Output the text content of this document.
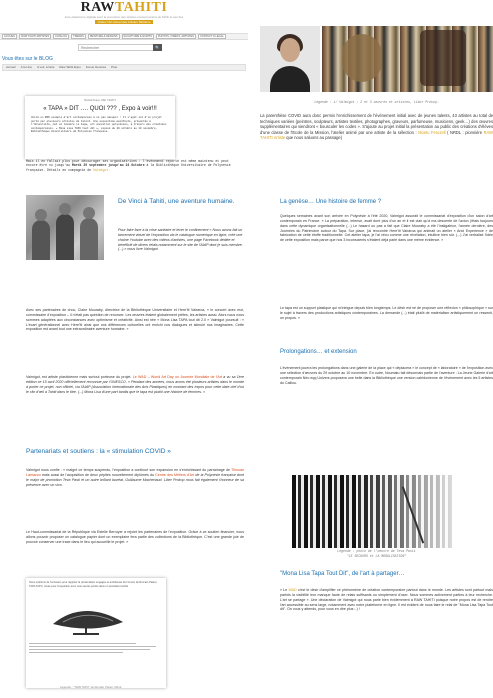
RAWTAHITI
1ère plateforme digitale pour la promotion des artistes contemporains de Tahiti et ses îles
Visitez l'Art Actuel des Artistes Tahitiens
ACCUEIL	RAW TAHITI ARTISTES	CATALOG	TRENDS	PEINTURE & DESSINS	SCULPTURE & ÉCRITS	PHOTOS, VIDÉOS, ARTISTES	CONTACT & LEGAL
Rechercher
🔍
Vous êtes sur le BLOG
Accueil A la Une A voir, à faire Raw Tahiti Expo Focus Oeuvres Plus
Médiathèque RAW TAHITI
« TAPA » DIT …. QUOI ??? , Expo à voir!!!
Voilà un BON exemple d'art contemporain à ne pas manquer ! Il s'agit ici d'un projet porté par plusieurs artistes de talent. Une exposition-manifeste, présentée à l'Université, met en lumière le tapa, art ancestral polynésien, à travers des créations contemporaines. « Mona Lisa TAPA tout dit », exposé du 29 octobre au 10 novembre, Bibliothèque Universitaire de Polynésie française.
Mais il en fallait plus pour décourager ses organisatrices : l'événement reporté est même maintenu et peut encore être vu jusqu'au Mardi 29 septembre jusqu'au 24 Octobre à la Bibliothèque Universitaire de Polynésie française. Détails en compagnie de Valmigot.
De Vinci à Tahiti, une aventure humaine.
Pour faire face à la crise sanitaire et lever le confinement « Nous avons fait un lancement virtuel de l'exposition via le catalogue numérique en ligne, créé une chaîne Youtube avec des vidéos d'artistes, une page Facebook dédiée et bénéficié de divers relais notamment sur le site de l'AIAP dont je suis membre. (...) » nous livre Valmigot.
Avec ses partenaires de choc, Claire Mouraby, directrice de la Bibliothèque Universitaire et Here'iti Vairaroa, « le concert avec moi, commissaire d'exposition – il n'était pas question de renoncer. Les œuvres étaient globalement prêtes, les artistes aussi. Alors nous nous sommes adaptées aux circonstances avec optimisme et créativité. Ainsi est née « Mona Lisa TAPA tout dit 2.0 » Valmigot poursuit : « L'écart générationnel avec Here'iti ainsi que nos différences culturelles ont enrichi nos dialogues et stimulé nos imaginaires. Cette exposition est avant tout une extraordinaire aventure humaine. »
Valmigot, est artiste plasticienne mais surtout porteuse du projet. Le WAD – World Art Day ou Journée Mondiale de l'Art a vu sa 1ère édition ce 15 avril 2020 officiellement reconnue par l'UNESCO. « Pendant des années, nous avons été plusieurs artistes dans le monde à porter ce projet, non officiel, via l'AIAP (Association Internationale des Arts Plastiques) en montant des expos pour cette date-clef d'où le clin d'œil à Tahiti dans le titre. (...) Mona Lisa d'une part tandis que le tapa est plutôt une histoire de femmes. »
Partenariats et soutiens : la « stimulation COVID »
Valmigot nous confie : « malgré ce temps suspendu, l'exposition a continué son expansion en s'enrichissant du parrainage de Tihouan Lamazou mais aussi de l'acquisition de deux pépites nouvellement diplômés du Centre des Métiers d'Art de la Polynésie française dont le major de promotion Teva Pasti et un autre brillant lauréat, Guillaume Machenaud. Liber Prokop nous fait également l'honneur de sa présence avec un vivo.
Le Haut-commissariat de la République via Estelle Berruyer a rejoint les partenaires de l'exposition. Grâce à ce soutien financier, nous allons pouvoir proposer un catalogue papier dont un exemplaire fera partie des collections de la Bibliothèque. C'est une grande joie de pouvoir conserver une trace dans le lieu qui accueille le projet. »
Nous profitons de l'occasion pour rappeler la présentation engagée et ambitieuse de l'œuvre de Romain Pastor, TAPA TAPU, créée pour l'exposition avec nous autres portés dans un précédent article
Légende : "TAPA TAPU" de Romain Pastor, Miroir.
Légende : 1/ Valmigot ; 2 et 3 oeuvres et artistes, Libor Prokop…
La parenthèse COVID aura donc permis l'enrichissement de l'événement initial avec de jeunes talents, 43 artistes au total de techniques variées (peintres, sculpteurs, artistes textiles, photographes, graveurs, parfumeuse, musiciens, geek…) des œuvres supplémentaires qui viendront « bousculer les codes ». S'ajoute au projet initial la présentation au public des créations d'élèves d'une classe de l'Ecole de la Mission, l'atelier animé par une artiste de la sélection : Moetu Feruzell ( NRDL : pionnière RAW TAHITI Artiste que nous saluons au passage)
La genèse… Une histoire de femme ?
Quelques semaines avant son arrivée en Polynésie à l'été 2020, Valmigot assurait le commissariat d'exposition d'un salon d'art contemporain en France. « La préparation, intense, avait duré plus d'un an et il est clair qu'à ma descente de l'avion j'étais toujours dans cette dynamique organisationnelle (...) Le hasard ou pas a fait que Claire Mouraby a été l'instigatrice, l'année dernière, des Journées du Patrimoine autour du Tapa. Sur place, j'ai rencontré Here'iti Vairaroa qui animait un atelier « Arioi Experience » de fabrication de cette étoffe traditionnelle. Cet atelier tapa, je l'ai vécu comme une révélation, intuitive bien sûr. (...) J'ai verbalisé l'idée de cette exposition mais parce que nos 3 inconscients s'étaient déjà parlé dans une même évidence. »
Le tapa est un support plastique qui m'intrigue depuis bien longtemps. Le désir est né de proposer une réflexion « philosophique » sur le sujet à travers des productions artistiques contemporaines. La demande (...) était plutôt de matérialiser artistiquement un ressenti, un propos. »
Prolongations… et extension
L'événement jouera les prolongations dans une galerie de la place qui « déplacera » le concept de « laboratoire » de l'exposition avec une sélection d'œuvres du 29 octobre au 10 novembre. En outre, Noumatu fait désormais partie de l'aventure : La Jeune Galerie d'art contemporain Néo eqq Univers proposera une belle dans la Bibliothèque une version calédonienne de l'événement avec les 5 artistes du Caillou.
Légende : photo de l'oeuvre de Teva Pasti
"LE SECOURS et LA MORALISATION"
"Mona Lisa Tapa Tout Dit", de l'art à partager…
« Le WAD c'est le désir d'amplifier ce phénomène de création contemporaine partout dans le monde. Les artistes sont partout mais parfois la visibilité leur manque faute de relais suffisants ou simplement d'oser. Nous sommes activement parties à leur recherche. L'art se partage ». Une déclaration de Valmigot qui nous parle bien évidemment à RAW TAHITI puisque notre propos est de rendre l'art accessible au sens large, notamment avec notre plateforme en ligne. Il est évident de nous faire le relai de "Mona Lisa Tapa Tout dit". On vous y attends, pour vous en dire plus :-) !
